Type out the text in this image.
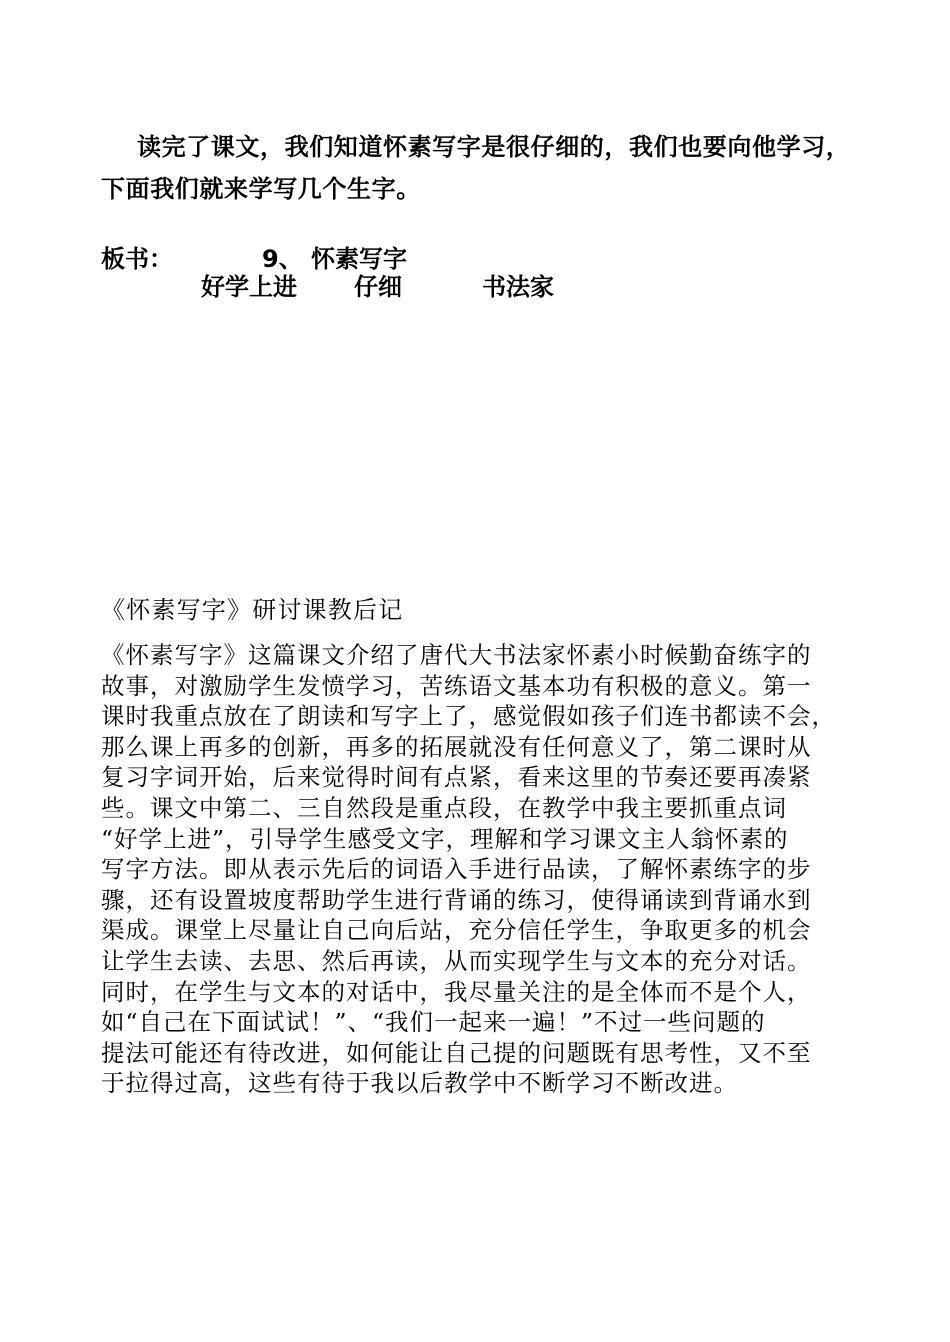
读完了课文，我们知道怀素写字是很仔细的，我们也要向他学习，
下面我们就来学写几个生字。
板书：	9、 怀素写字
好学上进 仔细	书法家
《怀素写字》研讨课教后记
《怀素写字》这篇课文介绍了唐代大书法家怀素小时候勤奋练字的
故事，对激励学生发愤学习，苦练语文基本功有积极的意义。第一
课时我重点放在了朗读和写字上了，感觉假如孩子们连书都读不会，
那么课上再多的创新，再多的拓展就没有任何意义了，第二课时从
复习字词开始，后来觉得时间有点紧，看来这里的节奏还要再凑紧
些。课文中第二、三自然段是重点段，在教学中我主要抓重点词
“好学上进”，引导学生感受文字，理解和学习课文主人翁怀素的
写字方法。即从表示先后的词语入手进行品读，了解怀素练字的步
骤，还有设置坡度帮助学生进行背诵的练习，使得诵读到背诵水到
渠成。课堂上尽量让自己向后站，充分信任学生，争取更多的机会
让学生去读、去思、然后再读，从而实现学生与文本的充分对话。
同时，在学生与文本的对话中，我尽量关注的是全体而不是个人，
如“自己在下面试试！”、“我们一起来一遍！”不过一些问题的
提法可能还有待改进，如何能让自己提的问题既有思考性，又不至
于拉得过高，这些有待于我以后教学中不断学习不断改进。
